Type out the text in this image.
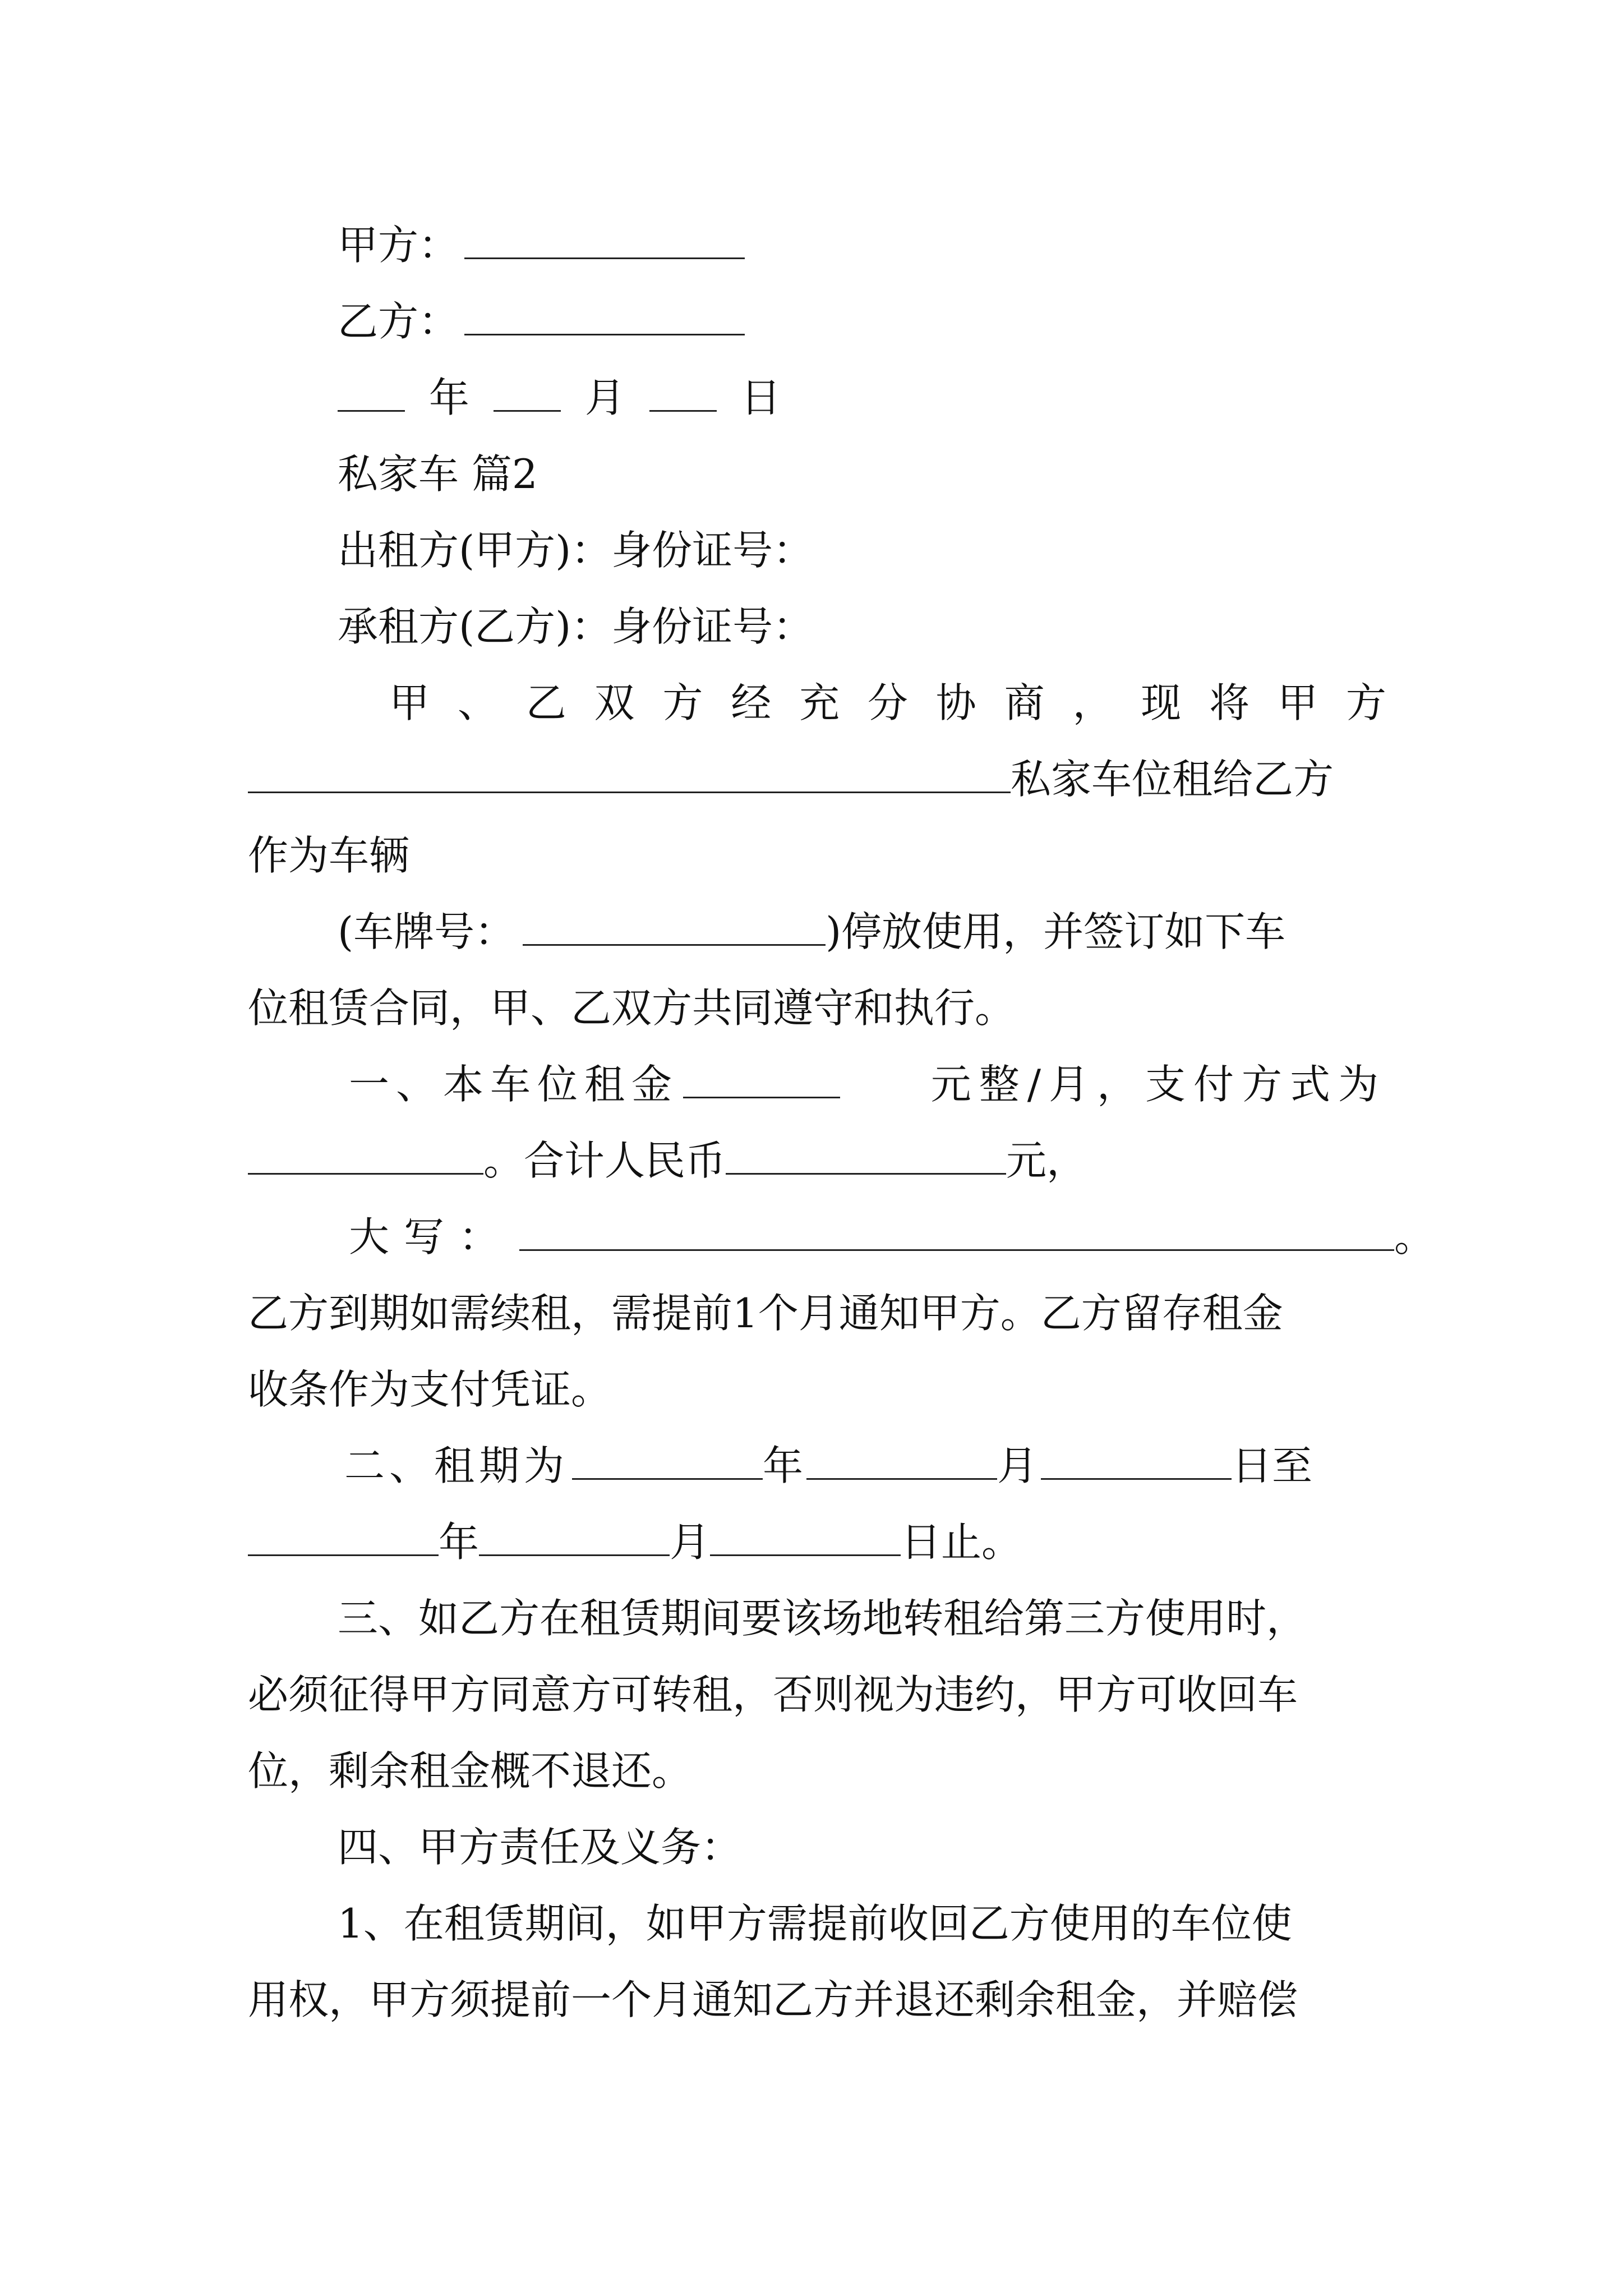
甲方：
乙方：
年	月	日
私家车 篇2
出租方(甲方)：身份证号：
承租方(乙方)：身份证号：
甲 、 乙 双 方 经 充 分 协 商 ， 现 将 甲 方
私家车位租给乙方
作为车辆
(车牌号：	)停放使用，并签订如下车
位租赁合同，甲、乙双方共同遵守和执行。
一、本车位租金	元整/月，支付方式为
。合计人民币	元，
大写：	。
乙方到期如需续租，需提前1个月通知甲方。乙方留存租金
收条作为支付凭证。
二、租期为	年	月	日至
年	月	日止。
三、如乙方在租赁期间要该场地转租给第三方使用时，
必须征得甲方同意方可转租，否则视为违约，甲方可收回车
位，剩余租金概不退还。
四、甲方责任及义务：
1、在租赁期间，如甲方需提前收回乙方使用的车位使
用权，甲方须提前一个月通知乙方并退还剩余租金，并赔偿
